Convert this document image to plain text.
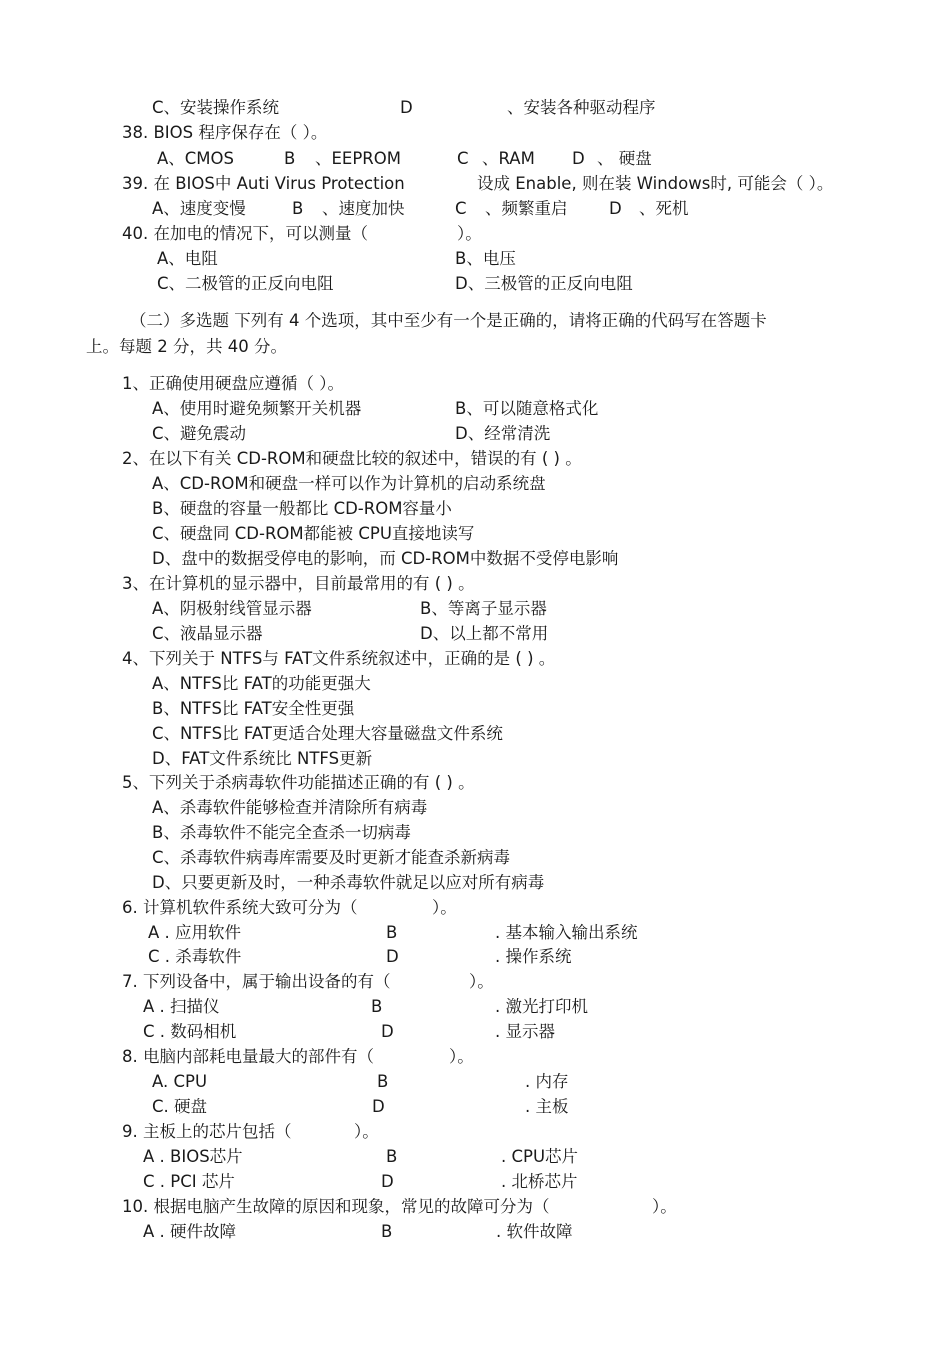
C、安装操作系统	D	、安装各种驱动程序
38. BIOS 程序保存在（ ）。
A、CMOS	B 、EEPROM	C 、RAM D 、 硬盘
39. 在 BIOS中 Auti Virus Protection	设成 Enable, 则在装 Windows时, 可能会（ ）。
A、速度变慢	B 、速度加快	C 、频繁重启	D 、死机
40. 在加电的情况下，可以测量（	）。
A、电阻	B、电压
C、二极管的正反向电阻	D、三极管的正反向电阻
（二）多选题 下列有 4 个选项，其中至少有一个是正确的，请将正确的代码写在答题卡
上。每题 2 分，共 40 分。
1、正确使用硬盘应遵循（ ）。
A、使用时避免频繁开关机器	B、可以随意格式化
C、避免震动	D、经常清洗
2、在以下有关 CD-ROM和硬盘比较的叙述中，错误的有 ( ) 。
A、CD-ROM和硬盘一样可以作为计算机的启动系统盘
B、硬盘的容量一般都比 CD-ROM容量小
C、硬盘同 CD-ROM都能被 CPU直接地读写
D、盘中的数据受停电的影响，而 CD-ROM中数据不受停电影响
3、在计算机的显示器中，目前最常用的有 ( ) 。
A、阴极射线管显示器	B、等离子显示器
C、液晶显示器	D、以上都不常用
4、下列关于 NTFS与 FAT文件系统叙述中，正确的是 ( ) 。
A、NTFS比 FAT的功能更强大
B、NTFS比 FAT安全性更强
C、NTFS比 FAT更适合处理大容量磁盘文件系统
D、FAT文件系统比 NTFS更新
5、下列关于杀病毒软件功能描述正确的有 ( ) 。
A、杀毒软件能够检查并清除所有病毒
B、杀毒软件不能完全查杀一切病毒
C、杀毒软件病毒库需要及时更新才能查杀新病毒
D、只要更新及时，一种杀毒软件就足以应对所有病毒
6. 计算机软件系统大致可分为（	）。
A . 应用软件	B	. 基本输入输出系统
C . 杀毒软件	D	. 操作系统
7. 下列设备中，属于输出设备的有（	）。
A . 扫描仪	B	. 激光打印机
C . 数码相机	D	. 显示器
8. 电脑内部耗电量最大的部件有（	）。
A. CPU	B	. 内存
C. 硬盘	D	. 主板
9. 主板上的芯片包括（	）。
A . BIOS芯片	B	. CPU芯片
C . PCI 芯片	D	. 北桥芯片
10. 根据电脑产生故障的原因和现象，常见的故障可分为（	）。
A . 硬件故障	B	. 软件故障
